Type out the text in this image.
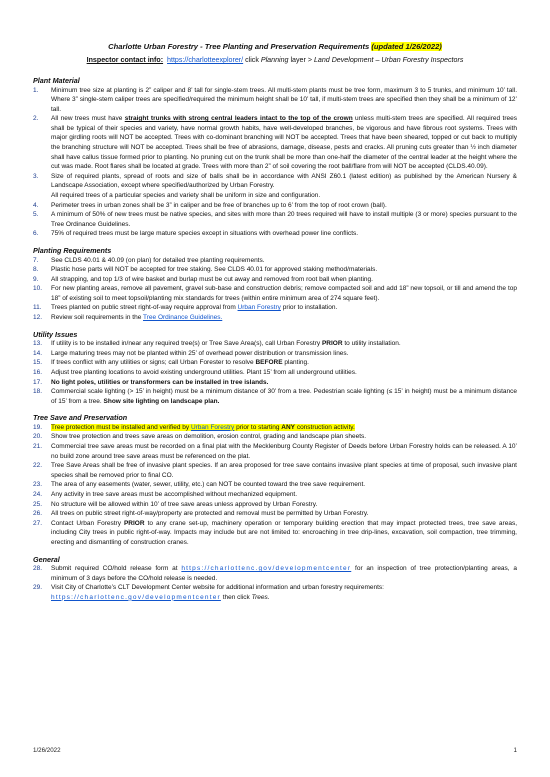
Charlotte Urban Forestry - Tree Planting and Preservation Requirements (updated 1/26/2022)
Inspector contact info: https://charlotteexplorer/ click Planning layer > Land Development – Urban Forestry Inspectors
Plant Material
1. Minimum tree size at planting is 2” caliper and 8’ tall for single-stem trees. All multi-stem plants must be tree form, maximum 3 to 5 trunks, and minimum 10’ tall. Where 3” single-stem caliper trees are specified/required the minimum height shall be 10’ tall, if multi-stem trees are specified then they shall be a minimum of 12’ tall.
2. All new trees must have straight trunks with strong central leaders intact to the top of the crown unless multi-stem trees are specified. All required trees shall be typical of their species and variety, have normal growth habits, have well-developed branches, be vigorous and have fibrous root systems. Trees with major girdling roots will NOT be accepted. Trees with co-dominant branching will NOT be accepted. Trees that have been sheared, topped or cut back to multiply the branching structure will NOT be accepted. Trees shall be free of abrasions, damage, disease, pests and cracks. All pruning cuts greater than ½ inch diameter shall have callus tissue formed prior to planting. No pruning cut on the trunk shall be more than one-half the diameter of the central leader at the height where the cut was made. Root flares shall be located at grade. Trees with more than 2” of soil covering the root ball/flare from will NOT be accepted (CLDS.40.09).
3. Size of required plants, spread of roots and size of balls shall be in accordance with ANSI Z60.1 (latest edition) as published by the American Nursery & Landscape Association, except where specified/authorized by Urban Forestry.
All required trees of a particular species and variety shall be uniform in size and configuration.
4. Perimeter trees in urban zones shall be 3” in caliper and be free of branches up to 6’ from the top of root crown (ball).
5. A minimum of 50% of new trees must be native species, and sites with more than 20 trees required will have to install multiple (3 or more) species pursuant to the Tree Ordinance Guidelines.
6. 75% of required trees must be large mature species except in situations with overhead power line conflicts.
Planting Requirements
7. See CLDS 40.01 & 40.09 (on plan) for detailed tree planting requirements.
8. Plastic hose parts will NOT be accepted for tree staking. See CLDS 40.01 for approved staking method/materials.
9. All strapping, and top 1/3 of wire basket and burlap must be cut away and removed from root ball when planting.
10. For new planting areas, remove all pavement, gravel sub-base and construction debris; remove compacted soil and add 18” new topsoil, or till and amend the top 18” of existing soil to meet topsoil/planting mix standards for trees (within entire minimum area of 274 square feet).
11. Trees planted on public street right-of-way require approval from Urban Forestry prior to installation.
12. Review soil requirements in the Tree Ordinance Guidelines.
Utility Issues
13. If utility is to be installed in/near any required tree(s) or Tree Save Area(s), call Urban Forestry PRIOR to utility installation.
14. Large maturing trees may not be planted within 25’ of overhead power distribution or transmission lines.
15. If trees conflict with any utilities or signs; call Urban Forester to resolve BEFORE planting.
16. Adjust tree planting locations to avoid existing underground utilities. Plant 15’ from all underground utilities.
17. No light poles, utilities or transformers can be installed in tree islands.
18. Commercial scale lighting (> 15’ in height) must be a minimum distance of 30’ from a tree. Pedestrian scale lighting (≤ 15’ in height) must be a minimum distance of 15’ from a tree. Show site lighting on landscape plan.
Tree Save and Preservation
19. Tree protection must be installed and verified by Urban Forestry prior to starting ANY construction activity.
20. Show tree protection and trees save areas on demolition, erosion control, grading and landscape plan sheets.
21. Commercial tree save areas must be recorded on a final plat with the Mecklenburg County Register of Deeds before Urban Forestry holds can be released. A 10’ no build zone around tree save areas must be referenced on the plat.
22. Tree Save Areas shall be free of invasive plant species. If an area proposed for tree save contains invasive plant species at time of proposal, such invasive plant species shall be removed prior to final CO.
23. The area of any easements (water, sewer, utility, etc.) can NOT be counted toward the tree save requirement.
24. Any activity in tree save areas must be accomplished without mechanized equipment.
25. No structure will be allowed within 10’ of tree save areas unless approved by Urban Forestry.
26. All trees on public street right-of-way/property are protected and removal must be permitted by Urban Forestry.
27. Contact Urban Forestry PRIOR to any crane set-up, machinery operation or temporary building erection that may impact protected trees, tree save areas, including City trees in public right-of-way. Impacts may include but are not limited to: encroaching in tree drip-lines, excavation, soil compaction, tree trimming, erecting and dismantling of construction cranes.
General
28. Submit required CO/hold release form at https://charlottenc.gov/developmentcenter for an inspection of tree protection/planting areas, a minimum of 3 days before the CO/hold release is needed.
29. Visit City of Charlotte’s CLT Development Center website for additional information and urban forestry requirements:
https://charlottenc.gov/developmentcenter then click Trees.
1/26/2022	1
